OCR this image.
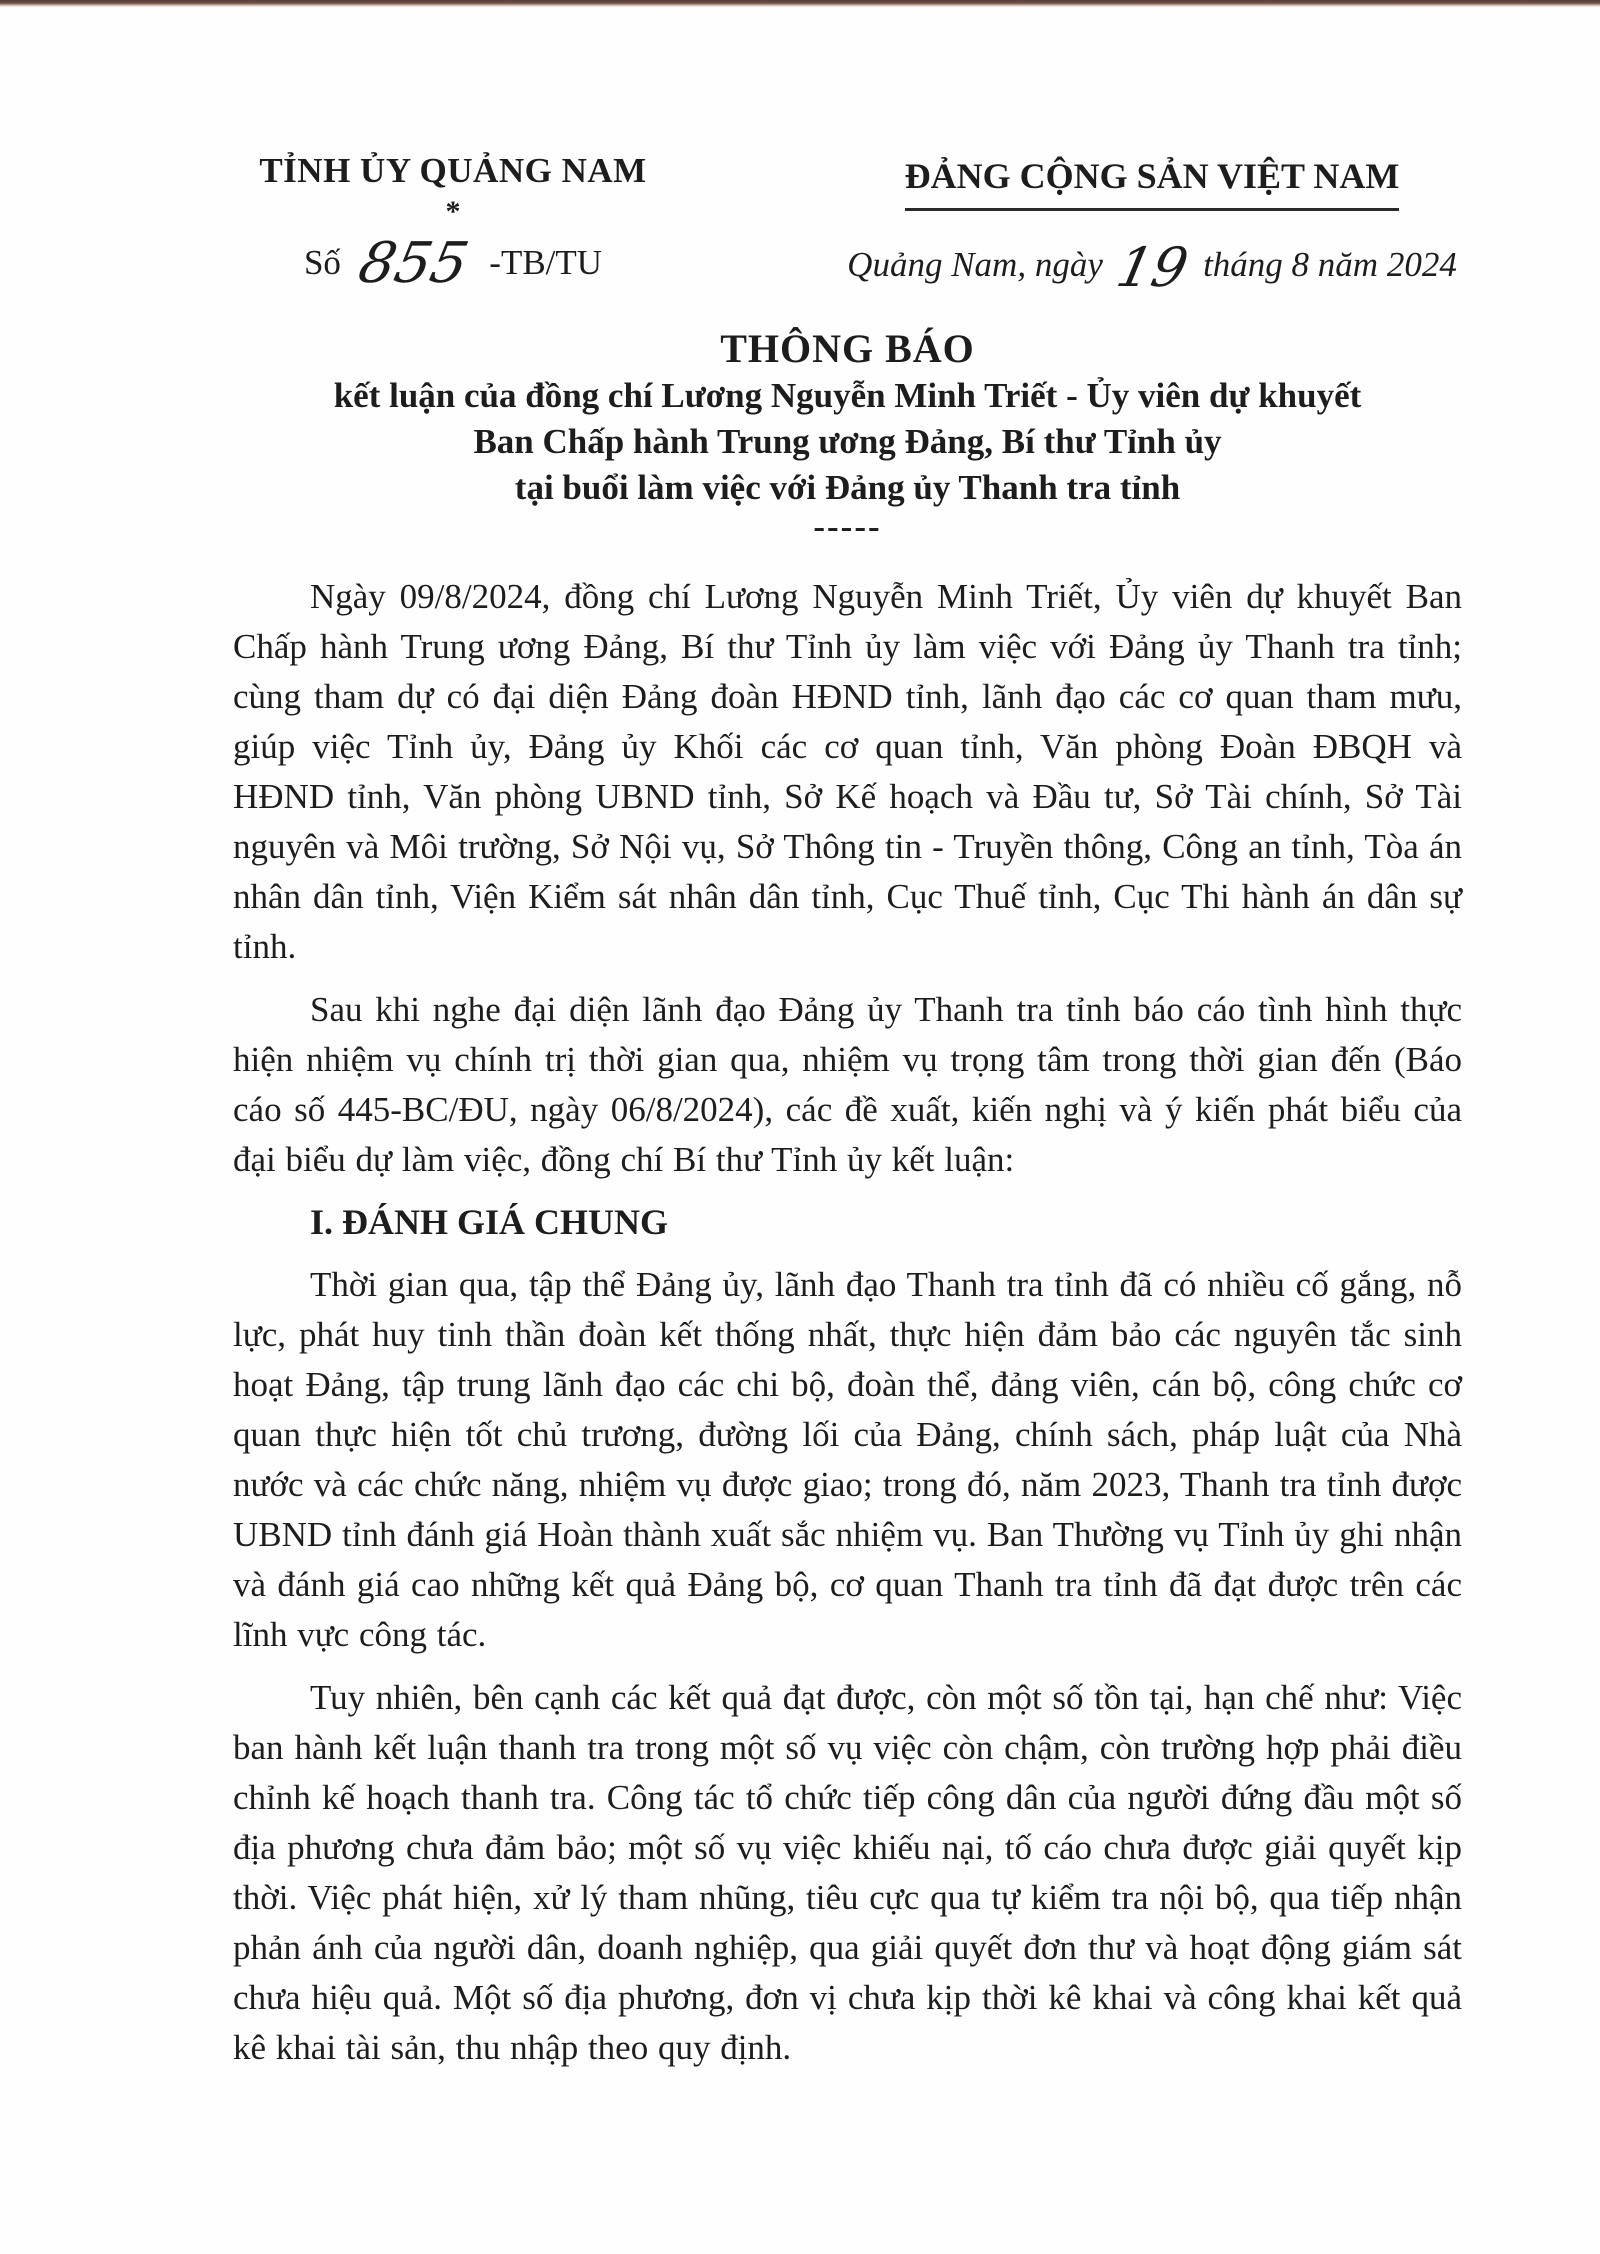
TỈNH ỦY QUẢNG NAM
*
Số 855 -TB/TU
ĐẢNG CỘNG SẢN VIỆT NAM
Quảng Nam, ngày 19 tháng 8 năm 2024
THÔNG BÁO
kết luận của đồng chí Lương Nguyễn Minh Triết - Ủy viên dự khuyết
Ban Chấp hành Trung ương Đảng, Bí thư Tỉnh ủy
tại buổi làm việc với Đảng ủy Thanh tra tỉnh
-----

Ngày 09/8/2024, đồng chí Lương Nguyễn Minh Triết, Ủy viên dự khuyết Ban Chấp hành Trung ương Đảng, Bí thư Tỉnh ủy làm việc với Đảng ủy Thanh tra tỉnh; cùng tham dự có đại diện Đảng đoàn HĐND tỉnh, lãnh đạo các cơ quan tham mưu, giúp việc Tỉnh ủy, Đảng ủy Khối các cơ quan tỉnh, Văn phòng Đoàn ĐBQH và HĐND tỉnh, Văn phòng UBND tỉnh, Sở Kế hoạch và Đầu tư, Sở Tài chính, Sở Tài nguyên và Môi trường, Sở Nội vụ, Sở Thông tin - Truyền thông, Công an tỉnh, Tòa án nhân dân tỉnh, Viện Kiểm sát nhân dân tỉnh, Cục Thuế tỉnh, Cục Thi hành án dân sự tỉnh.

Sau khi nghe đại diện lãnh đạo Đảng ủy Thanh tra tỉnh báo cáo tình hình thực hiện nhiệm vụ chính trị thời gian qua, nhiệm vụ trọng tâm trong thời gian đến (Báo cáo số 445-BC/ĐU, ngày 06/8/2024), các đề xuất, kiến nghị và ý kiến phát biểu của đại biểu dự làm việc, đồng chí Bí thư Tỉnh ủy kết luận:

I. ĐÁNH GIÁ CHUNG

Thời gian qua, tập thể Đảng ủy, lãnh đạo Thanh tra tỉnh đã có nhiều cố gắng, nỗ lực, phát huy tinh thần đoàn kết thống nhất, thực hiện đảm bảo các nguyên tắc sinh hoạt Đảng, tập trung lãnh đạo các chi bộ, đoàn thể, đảng viên, cán bộ, công chức cơ quan thực hiện tốt chủ trương, đường lối của Đảng, chính sách, pháp luật của Nhà nước và các chức năng, nhiệm vụ được giao; trong đó, năm 2023, Thanh tra tỉnh được UBND tỉnh đánh giá Hoàn thành xuất sắc nhiệm vụ. Ban Thường vụ Tỉnh ủy ghi nhận và đánh giá cao những kết quả Đảng bộ, cơ quan Thanh tra tỉnh đã đạt được trên các lĩnh vực công tác.

Tuy nhiên, bên cạnh các kết quả đạt được, còn một số tồn tại, hạn chế như: Việc ban hành kết luận thanh tra trong một số vụ việc còn chậm, còn trường hợp phải điều chỉnh kế hoạch thanh tra. Công tác tổ chức tiếp công dân của người đứng đầu một số địa phương chưa đảm bảo; một số vụ việc khiếu nại, tố cáo chưa được giải quyết kịp thời. Việc phát hiện, xử lý tham nhũng, tiêu cực qua tự kiểm tra nội bộ, qua tiếp nhận phản ánh của người dân, doanh nghiệp, qua giải quyết đơn thư và hoạt động giám sát chưa hiệu quả. Một số địa phương, đơn vị chưa kịp thời kê khai và công khai kết quả kê khai tài sản, thu nhập theo quy định.
